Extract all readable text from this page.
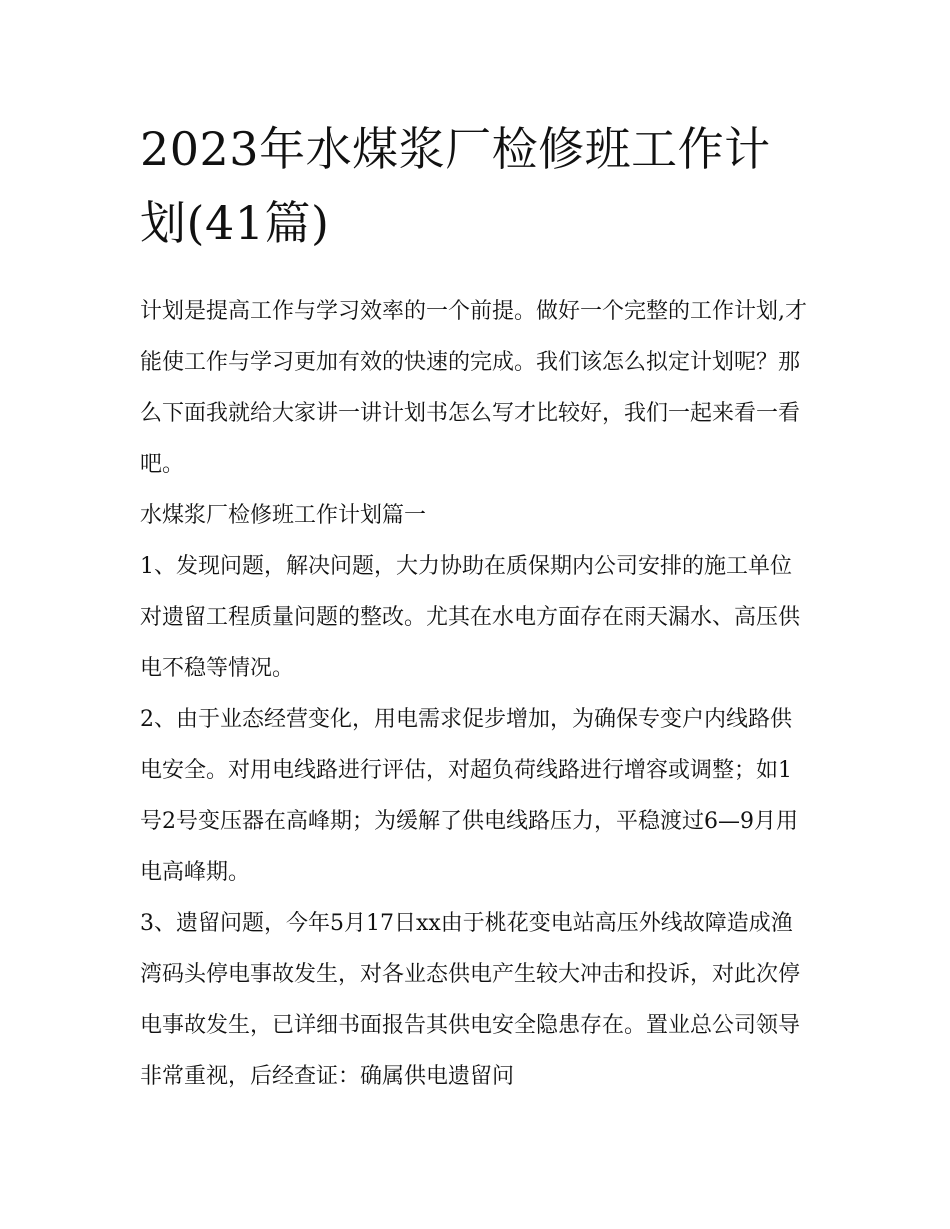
2023年水煤浆厂检修班工作计划(41篇)

计划是提高工作与学习效率的一个前提。做好一个完整的工作计划,才能使工作与学习更加有效的快速的完成。我们该怎么拟定计划呢？那么下面我就给大家讲一讲计划书怎么写才比较好，我们一起来看一看吧。

水煤浆厂检修班工作计划篇一

1、发现问题，解决问题，大力协助在质保期内公司安排的施工单位对遗留工程质量问题的整改。尤其在水电方面存在雨天漏水、高压供电不稳等情况。

2、由于业态经营变化，用电需求促步增加，为确保专变户内线路供电安全。对用电线路进行评估，对超负荷线路进行增容或调整；如1号2号变压器在高峰期；为缓解了供电线路压力，平稳渡过6—9月用电高峰期。

3、遗留问题，今年5月17日xx由于桃花变电站高压外线故障造成渔湾码头停电事故发生，对各业态供电产生较大冲击和投诉，对此次停电事故发生，已详细书面报告其供电安全隐患存在。置业总公司领导非常重视，后经查证：确属供电遗留问
